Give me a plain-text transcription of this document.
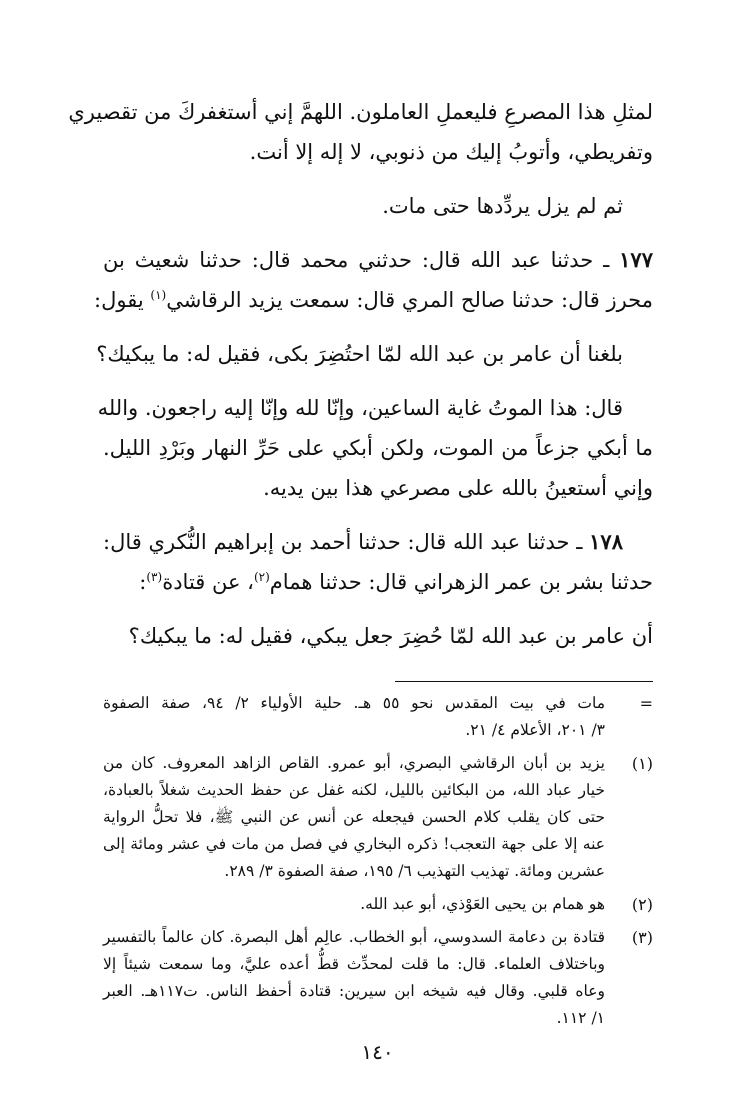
لمثلِ هذا المصرعِ فليعملِ العاملون. اللهمَّ إني أستغفركَ من تقصيري
وتفريطي، وأتوبُ إليك من ذنوبي، لا إله إلا أنت.
ثم لم يزل يردِّدها حتى مات.
١٧٧ ـ حدثنا عبد الله قال: حدثني محمد قال: حدثنا شعيث بن
محرز قال: حدثنا صالح المري قال: سمعت يزيد الرقاشي$^{(١)}$ يقول:
بلغنا أن عامر بن عبد الله لمّا احتُضِرَ بكى، فقيل له: ما يبكيك؟
قال: هذا الموتُ غاية الساعين، وإنّا لله وإنّا إليه راجعون. والله
ما أبكي جزعاً من الموت، ولكن أبكي على حَرِّ النهار وبَرْدِ الليل.
وإني أستعينُ بالله على مصرعي هذا بين يديه.
١٧٨ ـ حدثنا عبد الله قال: حدثنا أحمد بن إبراهيم النُّكري قال:
حدثنا بشر بن عمر الزهراني قال: حدثنا همام$^{(٢)}$، عن قتادة$^{(٣)}$:
أن عامر بن عبد الله لمّا حُضِرَ جعل يبكي، فقيل له: ما يبكيك؟
=
مات في بيت المقدس نحو ٥٥ هـ. حلية الأولياء ٢/ ٩٤، صفة الصفوة
٣/ ٢٠١، الأعلام ٤/ ٢١.
(١)
يزيد بن أبان الرقاشي البصري، أبو عمرو. القاص الزاهد المعروف. كان من
خيار عباد الله، من البكائين بالليل، لكنه غفل عن حفظ الحديث شغلاً بالعبادة،
حتى كان يقلب كلام الحسن فيجعله عن أنس عن النبي ﷺ، فلا تحلُّ الرواية
عنه إلا على جهة التعجب! ذكره البخاري في فصل من مات في عشر ومائة إلى
عشرين ومائة. تهذيب التهذيب ٦/ ١٩٥، صفة الصفوة ٣/ ٢٨٩.
(٢)
هو همام بن يحيى العَوْذي، أبو عبد الله.
(٣)
قتادة بن دعامة السدوسي، أبو الخطاب. عالِم أهل البصرة. كان عالماً بالتفسير
وباختلاف العلماء. قال: ما قلت لمحدِّث قطُّ أعده عليَّ، وما سمعت شيئاً إلا
وعاه قلبي. وقال فيه شيخه ابن سيرين: قتادة أحفظ الناس. ت١١٧هـ. العبر
١/ ١١٢.
١٤٠
